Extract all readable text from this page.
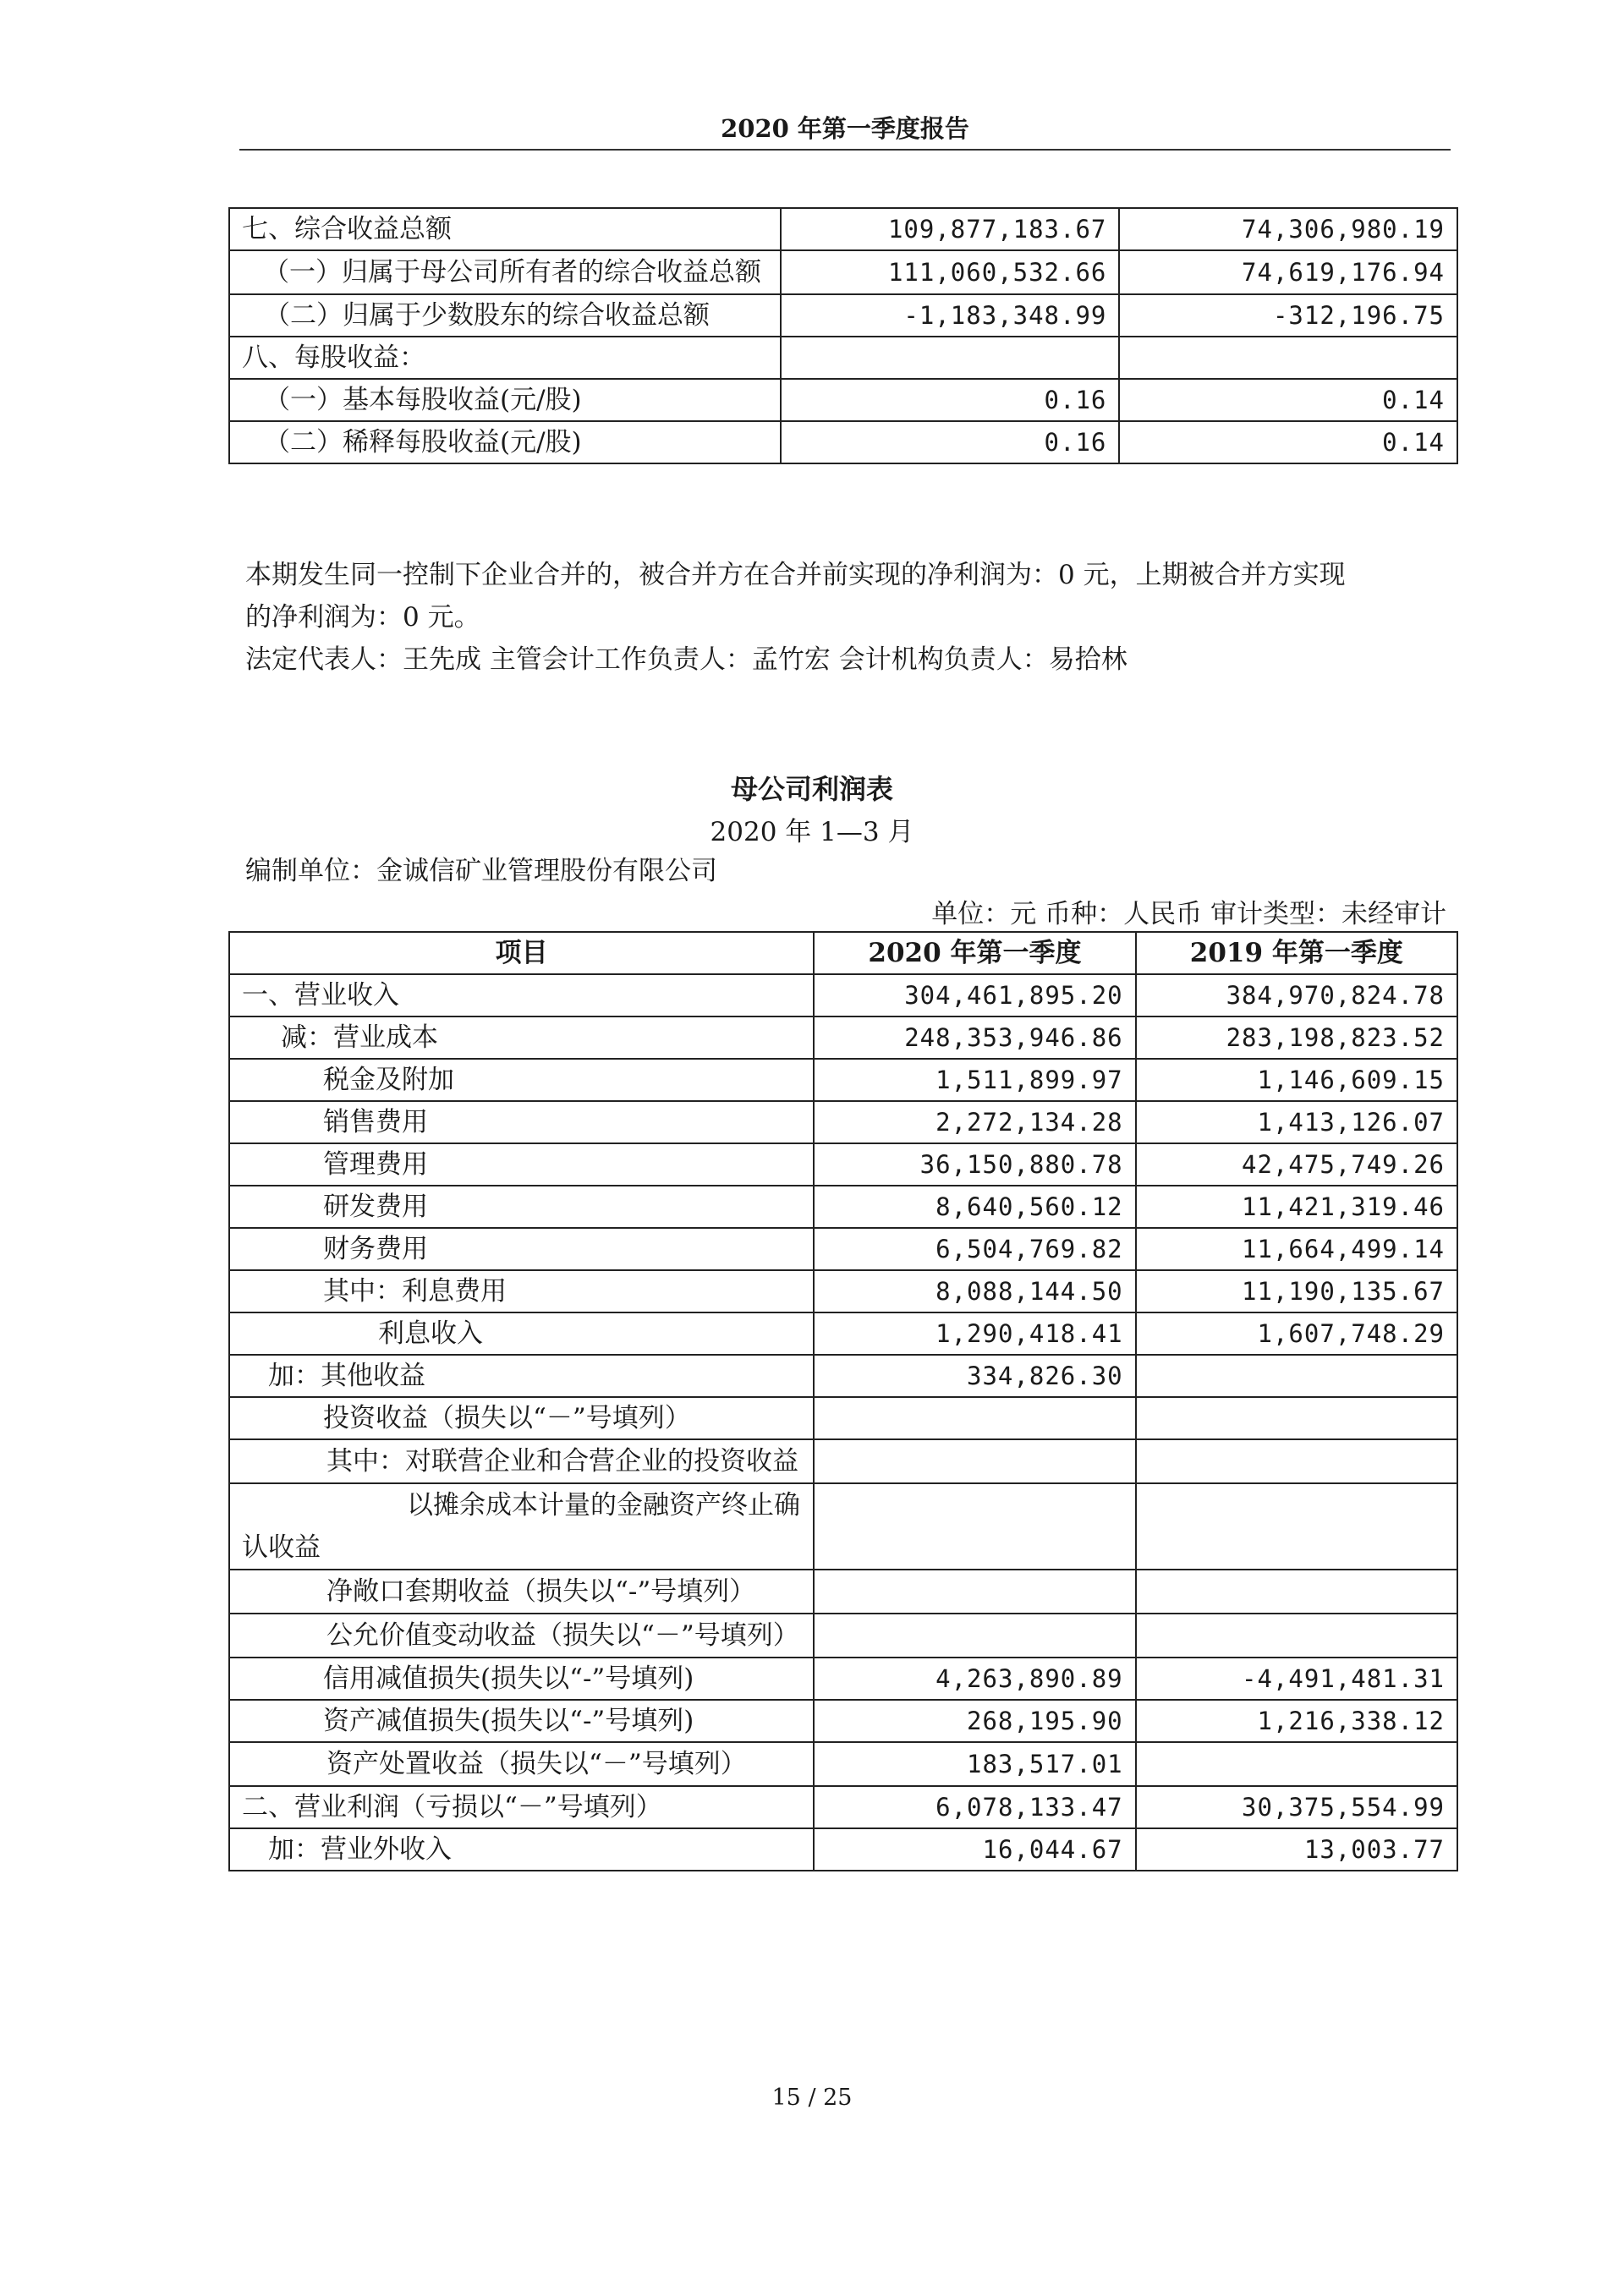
2020 年第一季度报告
七、综合收益总额	109,877,183.67	74,306,980.19
（一）归属于母公司所有者的综合收益总额	111,060,532.66	74,619,176.94
（二）归属于少数股东的综合收益总额	-1,183,348.99	-312,196.75
八、每股收益：		
（一）基本每股收益(元/股)	0.16	0.14
（二）稀释每股收益(元/股)	0.16	0.14
本期发生同一控制下企业合并的，被合并方在合并前实现的净利润为：0 元，上期被合并方实现
的净利润为：0 元。
法定代表人：王先成 主管会计工作负责人：孟竹宏 会计机构负责人：易拾林
母公司利润表
2020 年 1—3 月
编制单位：金诚信矿业管理股份有限公司
单位：元 币种：人民币 审计类型：未经审计
项目	2020 年第一季度	2019 年第一季度
一、营业收入	304,461,895.20	384,970,824.78
减：营业成本	248,353,946.86	283,198,823.52
税金及附加	1,511,899.97	1,146,609.15
销售费用	2,272,134.28	1,413,126.07
管理费用	36,150,880.78	42,475,749.26
研发费用	8,640,560.12	11,421,319.46
财务费用	6,504,769.82	11,664,499.14
其中：利息费用	8,088,144.50	11,190,135.67
利息收入	1,290,418.41	1,607,748.29
加：其他收益	334,826.30	
投资收益（损失以“－”号填列）		
其中：对联营企业和合营企业的投资收益		
以摊余成本计量的金融资产终止确认收益		
净敞口套期收益（损失以“-”号填列）		
公允价值变动收益（损失以“－”号填列）		
信用减值损失(损失以“-”号填列)	4,263,890.89	-4,491,481.31
资产减值损失(损失以“-”号填列)	268,195.90	1,216,338.12
资产处置收益（损失以“－”号填列）	183,517.01	
二、营业利润（亏损以“－”号填列）	6,078,133.47	30,375,554.99
加：营业外收入	16,044.67	13,003.77
15 / 25
